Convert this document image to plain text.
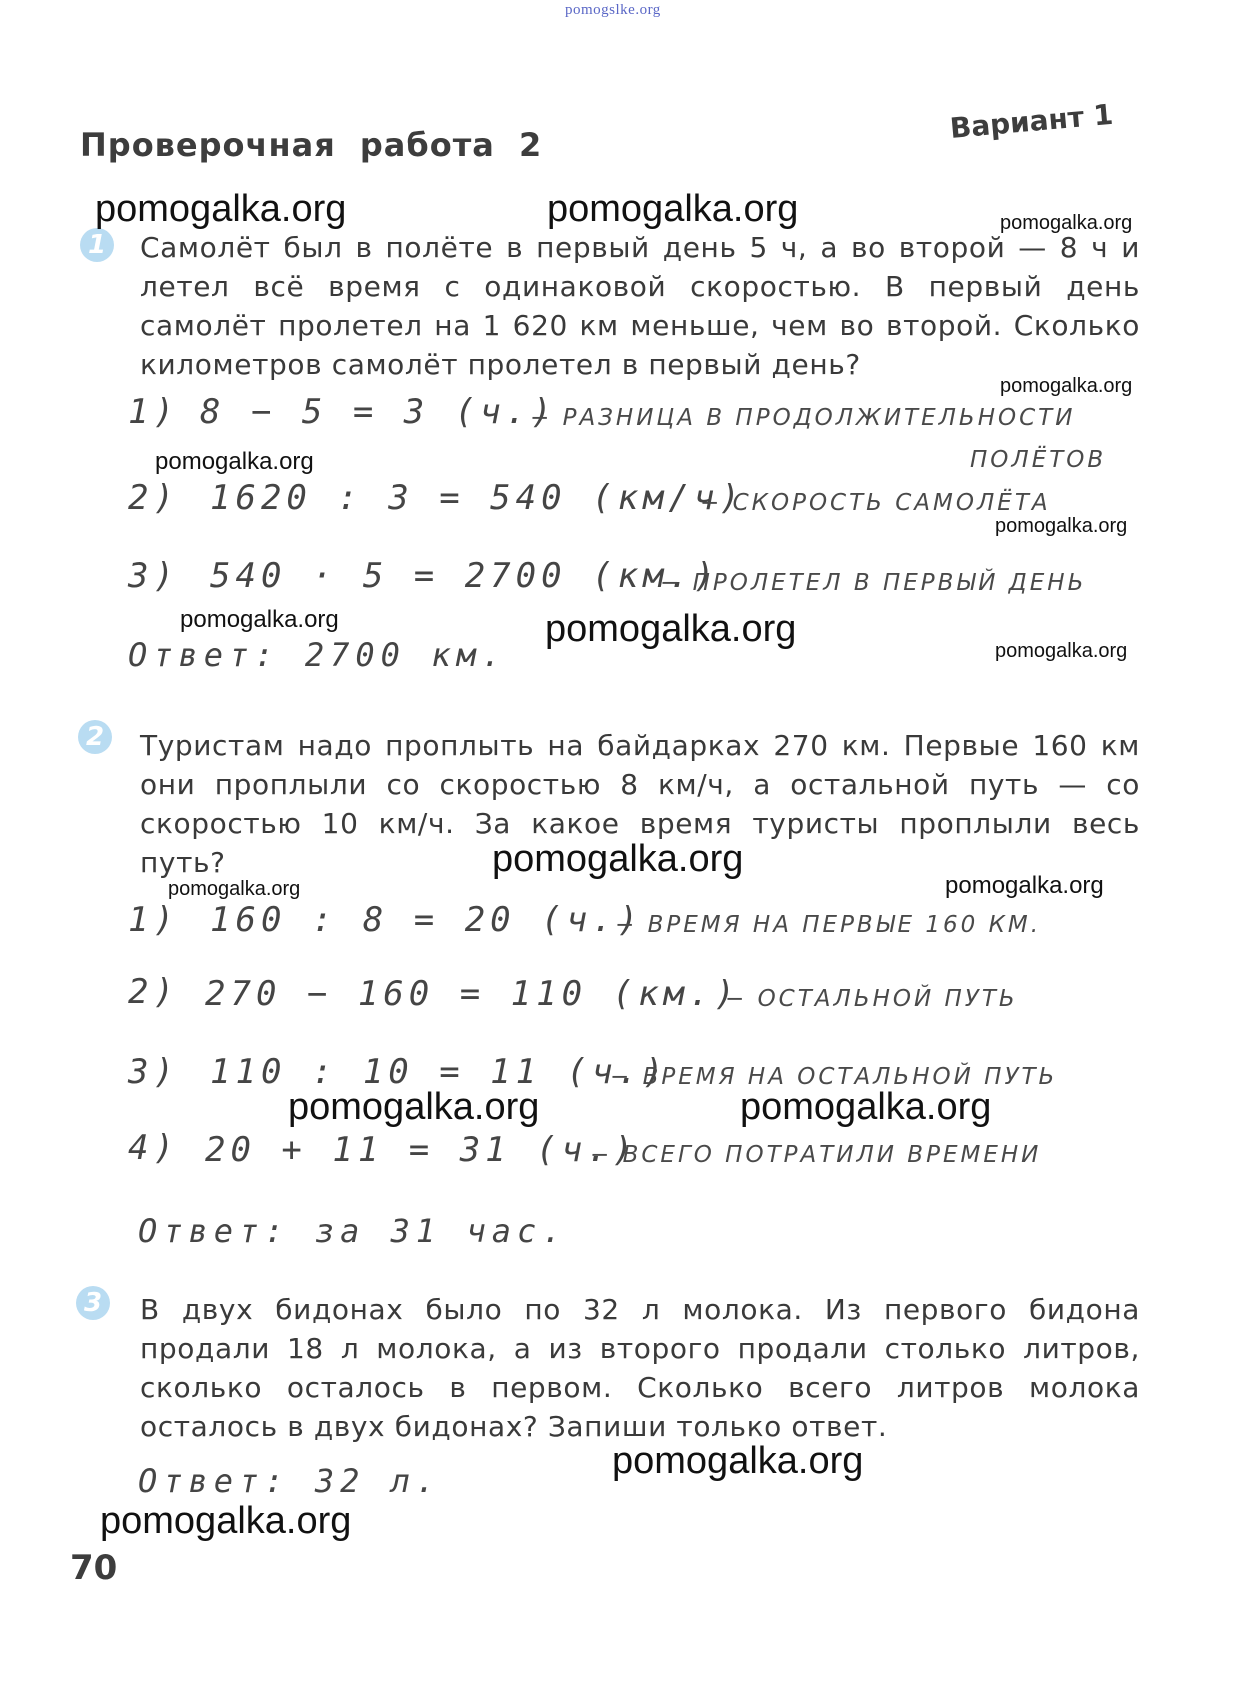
pomogslke.org
Проверочная работа 2
Вариант 1
1 Самолёт был в полёте в первый день 5 ч, а во второй — 8 ч и летел всё время с одинаковой скоростью. В первый день самолёт пролетел на 1 620 км меньше, чем во второй. Сколько километров самолёт пролетел в первый день?
1) 8 − 5 = 3 (ч.)
− РАЗНИЦА В ПРОДОЛЖИТЕЛЬНОСТИ
ПОЛЁТОВ
2) 1620 : 3 = 540 (км/ч)
− СКОРОСТЬ САМОЛЁТА
3) 540 · 5 = 2700 (км.)
− ПРОЛЕТЕЛ В ПЕРВЫЙ ДЕНЬ
Ответ: 2700 км.
2 Туристам надо проплыть на байдарках 270 км. Первые 160 км они проплыли со скоростью 8 км/ч, а остальной путь — со скоростью 10 км/ч. За какое время туристы проплыли весь путь?
1) 160 : 8 = 20 (ч.)
− ВРЕМЯ НА ПЕРВЫЕ 160 КМ.
2) 270 − 160 = 110 (км.)
− ОСТАЛЬНОЙ ПУТЬ
3) 110 : 10 = 11 (ч.)
− ВРЕМЯ НА ОСТАЛЬНОЙ ПУТЬ
4) 20 + 11 = 31 (ч.)
− ВСЕГО ПОТРАТИЛИ ВРЕМЕНИ
Ответ: за 31 час.
3 В двух бидонах было по 32 л молока. Из первого бидона продали 18 л молока, а из второго продали столько литров, сколько осталось в первом. Сколько всего литров молока осталось в двух бидонах? Запиши только ответ.
Ответ: 32 л.
pomogalka.org	pomogalka.org	pomogalka.org
pomogalka.org
pomogalka.org
pomogalka.org
pomogalka.org	pomogalka.org
pomogalka.org
pomogalka.org
pomogalka.org	pomogalka.org
pomogalka.org	pomogalka.org
pomogalka.org
pomogalka.org
70
